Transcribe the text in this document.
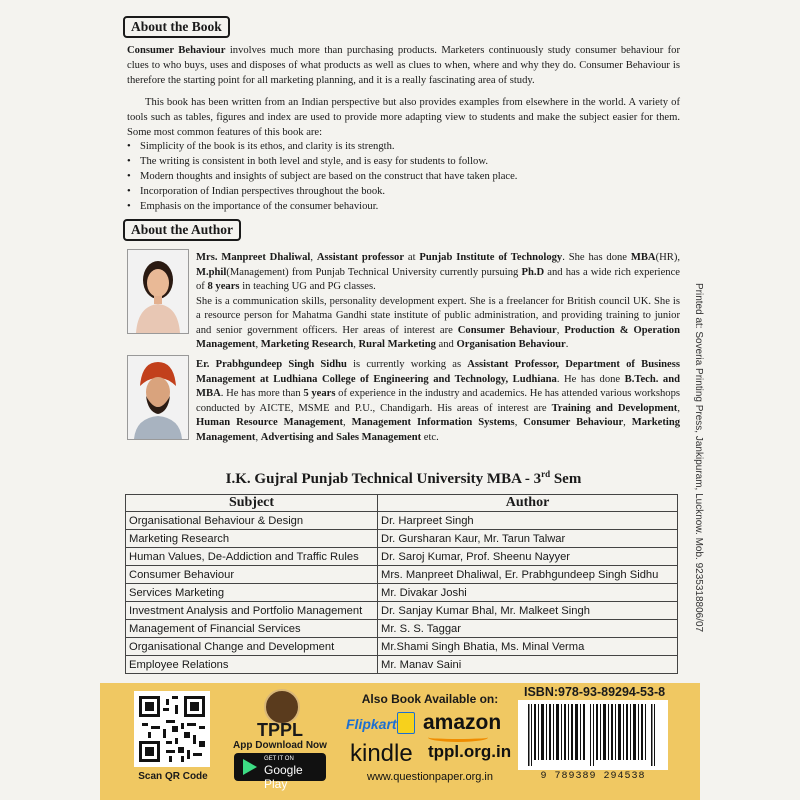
About the Book

Consumer Behaviour involves much more than purchasing products. Marketers continuously study consumer behaviour for clues to who buys, uses and disposes of what products as well as clues to when, where and why they do. Consumer Behaviour is therefore the starting point for all marketing planning, and it is a really fascinating area of study.

This book has been written from an Indian perspective but also provides examples from elsewhere in the world. A variety of tools such as tables, figures and index are used to provide more adapting view to students and make the subject easier for them. Some most common features of this book are:

• Simplicity of the book is its ethos, and clarity is its strength.
• The writing is consistent in both level and style, and is easy for students to follow.
• Modern thoughts and insights of subject are based on the construct that have taken place.
• Incorporation of Indian perspectives throughout the book.
• Emphasis on the importance of the consumer behaviour.
About the Author
Mrs. Manpreet Dhaliwal, Assistant professor at Punjab Institute of Technology. She has done MBA(HR), M.phil(Management) from Punjab Technical University currently pursuing Ph.D and has a wide rich experience of 8 years in teaching UG and PG classes.
She is a communication skills, personality development expert. She is a freelancer for British council UK. She is a resource person for Mahatma Gandhi state institute of public administration, and providing training to junior and senior government officers. Her areas of interest are Consumer Behaviour, Production & Operation Management, Marketing Research, Rural Marketing and Organisation Behaviour.
Er. Prabhgundeep Singh Sidhu is currently working as Assistant Professor, Department of Business Management at Ludhiana College of Engineering and Technology, Ludhiana. He has done B.Tech. and MBA. He has more than 5 years of experience in the industry and academics. He has attended various workshops conducted by AICTE, MSME and P.U., Chandigarh. His areas of interest are Training and Development, Human Resource Management, Management Information Systems, Consumer Behaviour, Marketing Management, Advertising and Sales Management etc.	Printed at: Soveria Printing Press, Jankipuram, Lucknow. Mob. 9235318806/07
I.K. Gujral Punjab Technical University MBA - 3rd Sem
Subject	Author
Organisational Behaviour & Design	Dr. Harpreet Singh
Marketing Research	Dr. Gursharan Kaur, Mr. Tarun Talwar
Human Values, De-Addiction and Traffic Rules	Dr. Saroj Kumar, Prof. Sheenu Nayyer
Consumer Behaviour	Mrs. Manpreet Dhaliwal, Er. Prabhgundeep Singh Sidhu
Services Marketing	Mr. Divakar Joshi
Investment Analysis and Portfolio Management	Dr. Sanjay Kumar Bhal, Mr. Malkeet Singh
Management of Financial Services	Mr. S. S. Taggar
Organisational Change and Development	Mr.Shami Singh Bhatia, Ms. Minal Verma
Employee Relations	Mr. Manav Saini
Scan QR Code
TPPL
App Download Now
GET IT ON
Google Play
Also Book Available on:
Flipkart amazon
kindle tppl.org.in
www.questionpaper.org.in
ISBN:978-93-89294-53-8
9 789389 294538
